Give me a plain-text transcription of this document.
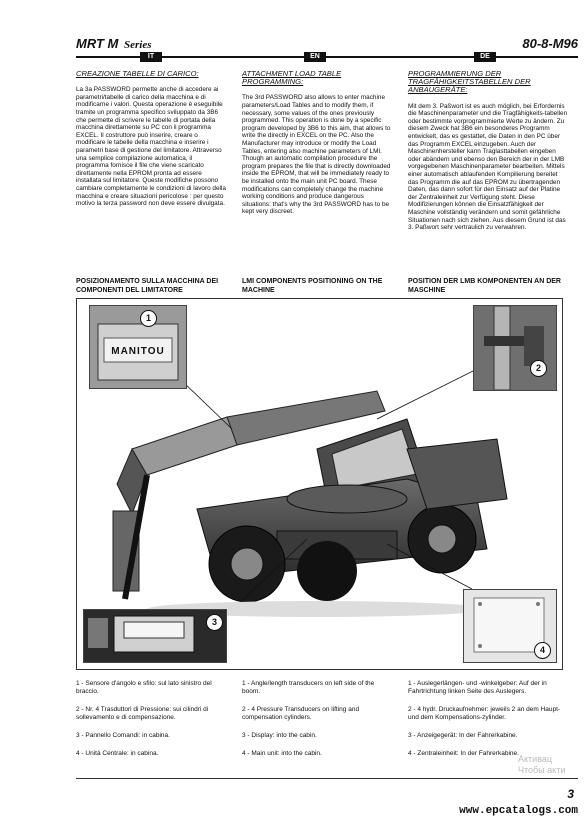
MRT M Series	80-8-M96
IT	EN	DE
CREAZIONE TABELLE DI CARICO:

La 3a PASSWORD permette anche di accedere ai parametri/tabelle di carico della macchina e di modificarne i valori. Questa operazione è eseguibile tramite un programma specifico sviluppato da 3B6 che permette di scrivere le tabelle di portata della macchina direttamente su PC con il programma EXCEL. Il costruttore può inserire, creare o modificare le tabelle della macchina e inserire i parametri base di gestione del limitatore. Attraverso una semplice compilazione automatica, il programma fornisce il file che viene scaricato direttamente nella EPROM pronta ad essere installata sul limitatore. Queste modifiche possono cambiare completamente le condizioni di lavoro della macchina e creare situazioni pericolose : per questo motivo la terza password non deve essere divulgata.

ATTACHMENT LOAD TABLE PROGRAMMING:

The 3rd PASSWORD also allows to enter machine parameters/Load Tables and to modify them, if necessary, some values of the ones previously programmed. This operation is done by a specific program developed by 3B6 to this aim, that allows to write the directly in EXCEL on the PC. Also the Manufacturer may introduce or modify the Load Tables, entering also machine parameters of LMI. Though an automatic compilation procedure the program prepares the file that is directly downloaded inside the EPROM, that will be immediately ready to be installed onto the main unit PC board. These modifications can completely change the machine working conditions and produce dangerous situations: that's why the 3rd PASSWORD has to be kept very discreet.

PROGRAMMIERUNG DER TRAGFÄHIGKEITSTABELLEN DER ANBAUGERÄTE:

Mit dem 3. Paßwort ist es auch möglich, bei Erfordernis die Maschinenparameter und die Tragfähigkeits-tabellen oder bestimmte vorprogrammierte Werte zu ändern. Zu diesem Zweck hat 3B6 ein besonderes Programm entwickelt, das es gestattet, die Daten in den PC über das Programm EXCEL einzugeben. Auch der Maschinenhersteller kann Traglasttabellen eingeben oder abändern und ebenso den Bereich der in der LMB vorgegebenen Maschinenparameter bearbeiten. Mittels einer automatisch ablaufenden Kompilierung bereitet das Programm die auf das EPROM zu übertragenden Daten, das dann sofort für den Einsatz auf der Platine der Zentraleinheit zur Verfügung steht. Diese Modifizierungen können die Einsatzfähigkeit der Maschine vollständig verändern und somit gefährliche Situationen nach sich ziehen. Aus diesem Grund ist das 3. Paßwort sehr vertraulich zu verwahren.

POSIZIONAMENTO SULLA MACCHINA DEI COMPONENTI DEL LIMITATORE
LMI COMPONENTS POSITIONING ON THE MACHINE
POSITION DER LMB KOMPONENTEN AN DER MASCHINE
MANITOU
1
2
3
4
1 - Sensore d'angolo e sfilo: sul lato sinistro del braccio.
2 - Nr. 4 Trasduttori di Pressione: sui cilindri di sollevamento e di compensazione.
3 - Pannello Comandi: in cabina.
4 - Unità Centrale: in cabina.
1 - Angle/length transducers on left side of the boom.
2 - 4 Pressure Transducers on lifting and compensation cylinders.
3 - Display: into the cabin.
4 - Main unit: into the cabin.
1 - Auslegerlängen- und -winkelgeber: Auf der in Fahrtrichtung linken Seite des Auslegers.
2 - 4 hydr. Druckaufnehmer: jeweils 2 an dem Haupt- und dem Kompensations-zylinder.
3 - Anzeigegerät: In der Fahrerkabine.
4 - Zentraleinheit: In der Fahrerkabine.
Активац
Чтобы акти
3
www.epcatalogs.com
